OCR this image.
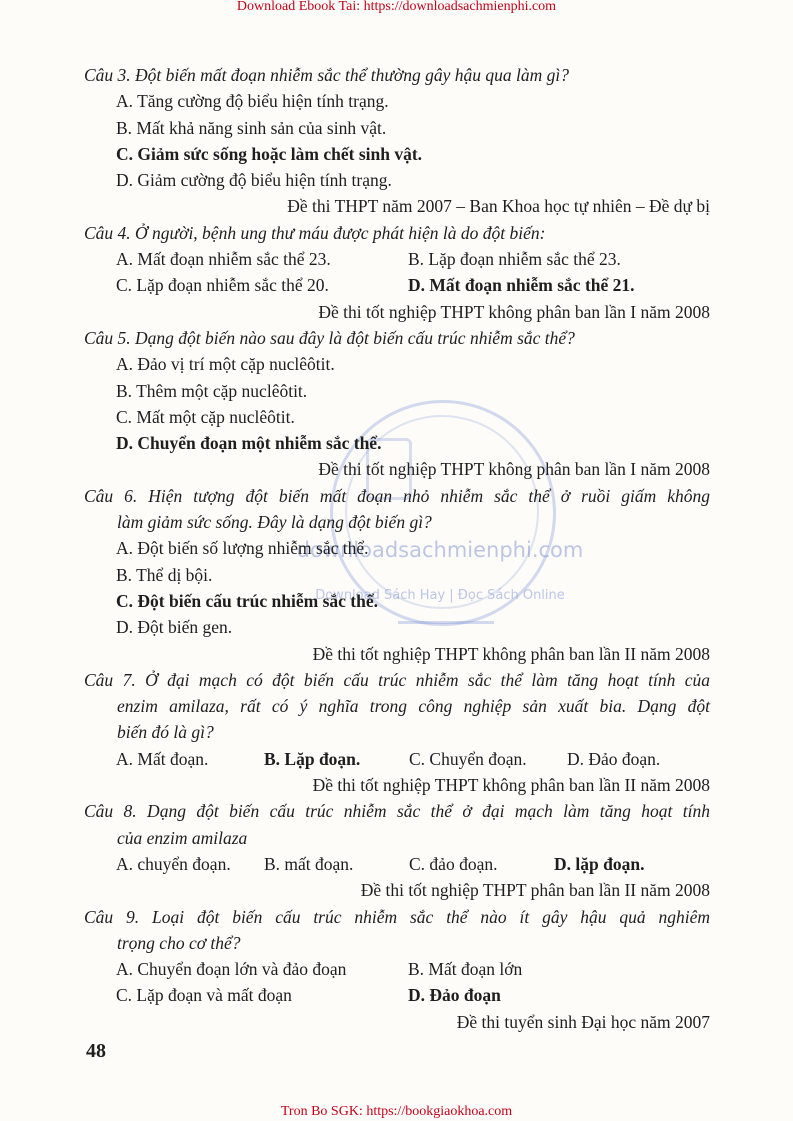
Download Ebook Tai: https://downloadsachmienphi.com
downloadsachmienphi.com
Download Sách Hay | Đọc Sách Online
Câu 3. Đột biến mất đoạn nhiễm sắc thể thường gây hậu qua làm gì?
A. Tăng cường độ biểu hiện tính trạng.
B. Mất khả năng sinh sản của sinh vật.
C. Giảm sức sống hoặc làm chết sinh vật.
D. Giảm cường độ biểu hiện tính trạng.
Đề thi THPT năm 2007 – Ban Khoa học tự nhiên – Đề dự bị
Câu 4. Ở người, bệnh ung thư máu được phát hiện là do đột biến:
A. Mất đoạn nhiễm sắc thể 23.	B. Lặp đoạn nhiễm sắc thể 23.
C. Lặp đoạn nhiễm sắc thể 20.	D. Mất đoạn nhiễm sắc thể 21.
Đề thi tốt nghiệp THPT không phân ban lần I năm 2008
Câu 5. Dạng đột biến nào sau đây là đột biến cấu trúc nhiễm sắc thể?
A. Đảo vị trí một cặp nuclêôtit.
B. Thêm một cặp nuclêôtit.
C. Mất một cặp nuclêôtit.
D. Chuyển đoạn một nhiễm sắc thể.
Đề thi tốt nghiệp THPT không phân ban lần I năm 2008
Câu 6. Hiện tượng đột biến mất đoạn nhỏ nhiễm sắc thể ở ruồi giấm không
làm giảm sức sống. Đây là dạng đột biến gì?
A. Đột biến số lượng nhiễm sắc thể.
B. Thể dị bội.
C. Đột biến cấu trúc nhiễm sắc thể.
D. Đột biến gen.
Đề thi tốt nghiệp THPT không phân ban lần II năm 2008
Câu 7. Ở đại mạch có đột biến cấu trúc nhiễm sắc thể làm tăng hoạt tính của
enzim amilaza, rất có ý nghĩa trong công nghiệp sản xuất bia. Dạng đột
biến đó là gì?
A. Mất đoạn.	B. Lặp đoạn.	C. Chuyển đoạn.	D. Đảo đoạn.
Đề thi tốt nghiệp THPT không phân ban lần II năm 2008
Câu 8. Dạng đột biến cấu trúc nhiễm sắc thể ở đại mạch làm tăng hoạt tính
của enzim amilaza
A. chuyển đoạn.	B. mất đoạn.	C. đảo đoạn.	D. lặp đoạn.
Đề thi tốt nghiệp THPT phân ban lần II năm 2008
Câu 9. Loại đột biến cấu trúc nhiễm sắc thể nào ít gây hậu quả nghiêm
trọng cho cơ thể?
A. Chuyển đoạn lớn và đảo đoạn	B. Mất đoạn lớn
C. Lặp đoạn và mất đoạn	D. Đảo đoạn
Đề thi tuyển sinh Đại học năm 2007
48
Tron Bo SGK: https://bookgiaokhoa.com
